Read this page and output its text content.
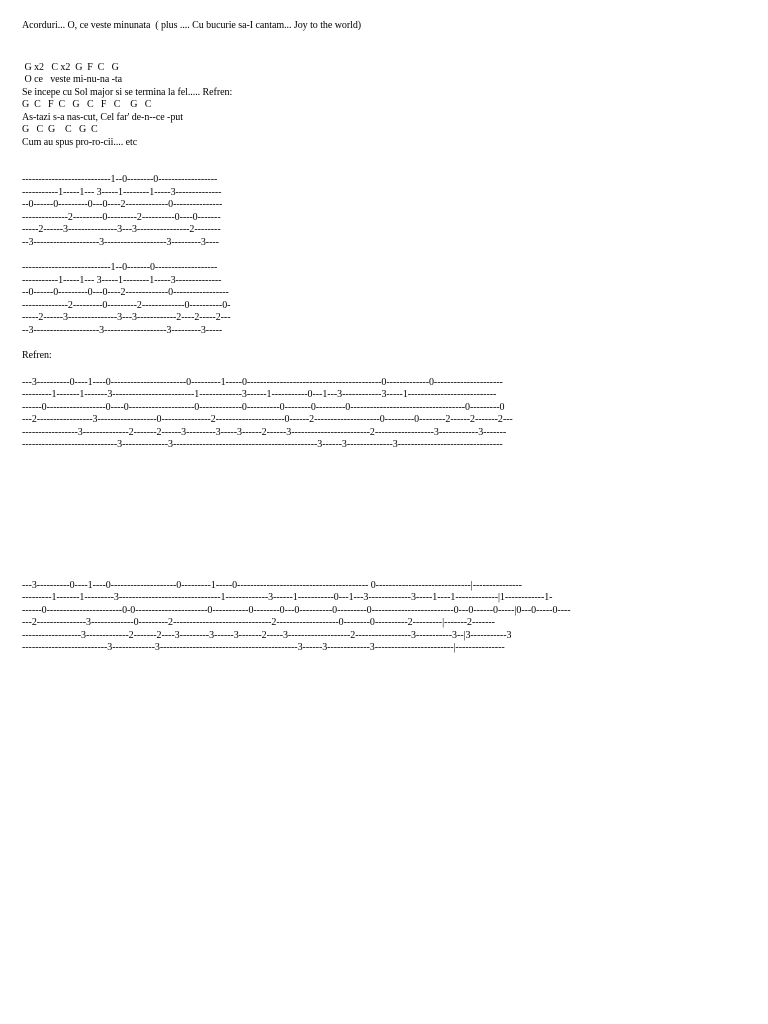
Acorduri... O, ce veste minunata  ( plus .... Cu bucurie sa-I cantam... Joy to the world)
G x2   C x2  G  F  C   G
O ce   veste mi-nu-na -ta
Se incepe cu Sol major si se termina la fel..... Refren:
G  C   F  C   G   C   F   C    G   C
As-tazi s-a nas-cut, Cel far' de-n--ce -put
G   C  G    C   G  C
Cum au spus pro-ro-cii.... etc
---------------------------1--0--------0------------------
-----------1-----1--- 3-----1--------1-----3--------------
--0------0---------0---0----2-------------0---------------
--------------2---------0---------2----------0----0-------
-----2------3---------------3---3----------------2--------
--3--------------------3-------------------3---------3----
---------------------------1--0-------0-------------------
-----------1-----1--- 3-----1--------1-----3--------------
--0------0---------0---0----2-------------0-----------------
--------------2---------0---------2-------------0----------0-
-----2------3---------------3---3------------2----2-----2---
--3--------------------3-------------------3---------3-----
Refren:
---3----------0----1----0-----------------------0---------1-----0-----------------------------------------0-------------0---------------------
---------1-------1-------3-------------------------1-------------3------1-----------0---1---3------------3-----1---------------------------
------0------------------0----0--------------------0-------------0----------0--------0---------0-----------------------------------0---------0
---2-----------------3------------------0---------------2---------------------0------2--------------------0---------0--------2------2-------2---
-----------------3--------------2-------2------3---------3-----3------2------3------------------------2------------------3------------3-------
-----------------------------3--------------3--------------------------------------------3------3--------------3--------------------------------
---3----------0----1----0--------------------0---------1-----0---------------------------------------- 0-----------------------------|---------------
---------1-------1---------3-------------------------------1-------------3------1-----------0---1---3-------------3-----1----1-------------|1------------1-
------0-----------------------0-0----------------------0-----------0--------0---0----------0---------0-------------------------0---0------0-----|0---0-----0----
---2---------------3-------------0---------2------------------------------2-------------------0--------0----------2---------|-------2-------
------------------3-------------2-------2----3---------3------3-------2-----3-------------------2-----------------3-----------3--|3-----------3
--------------------------3-------------3------------------------------------------3------3-------------3------------------------|---------------
